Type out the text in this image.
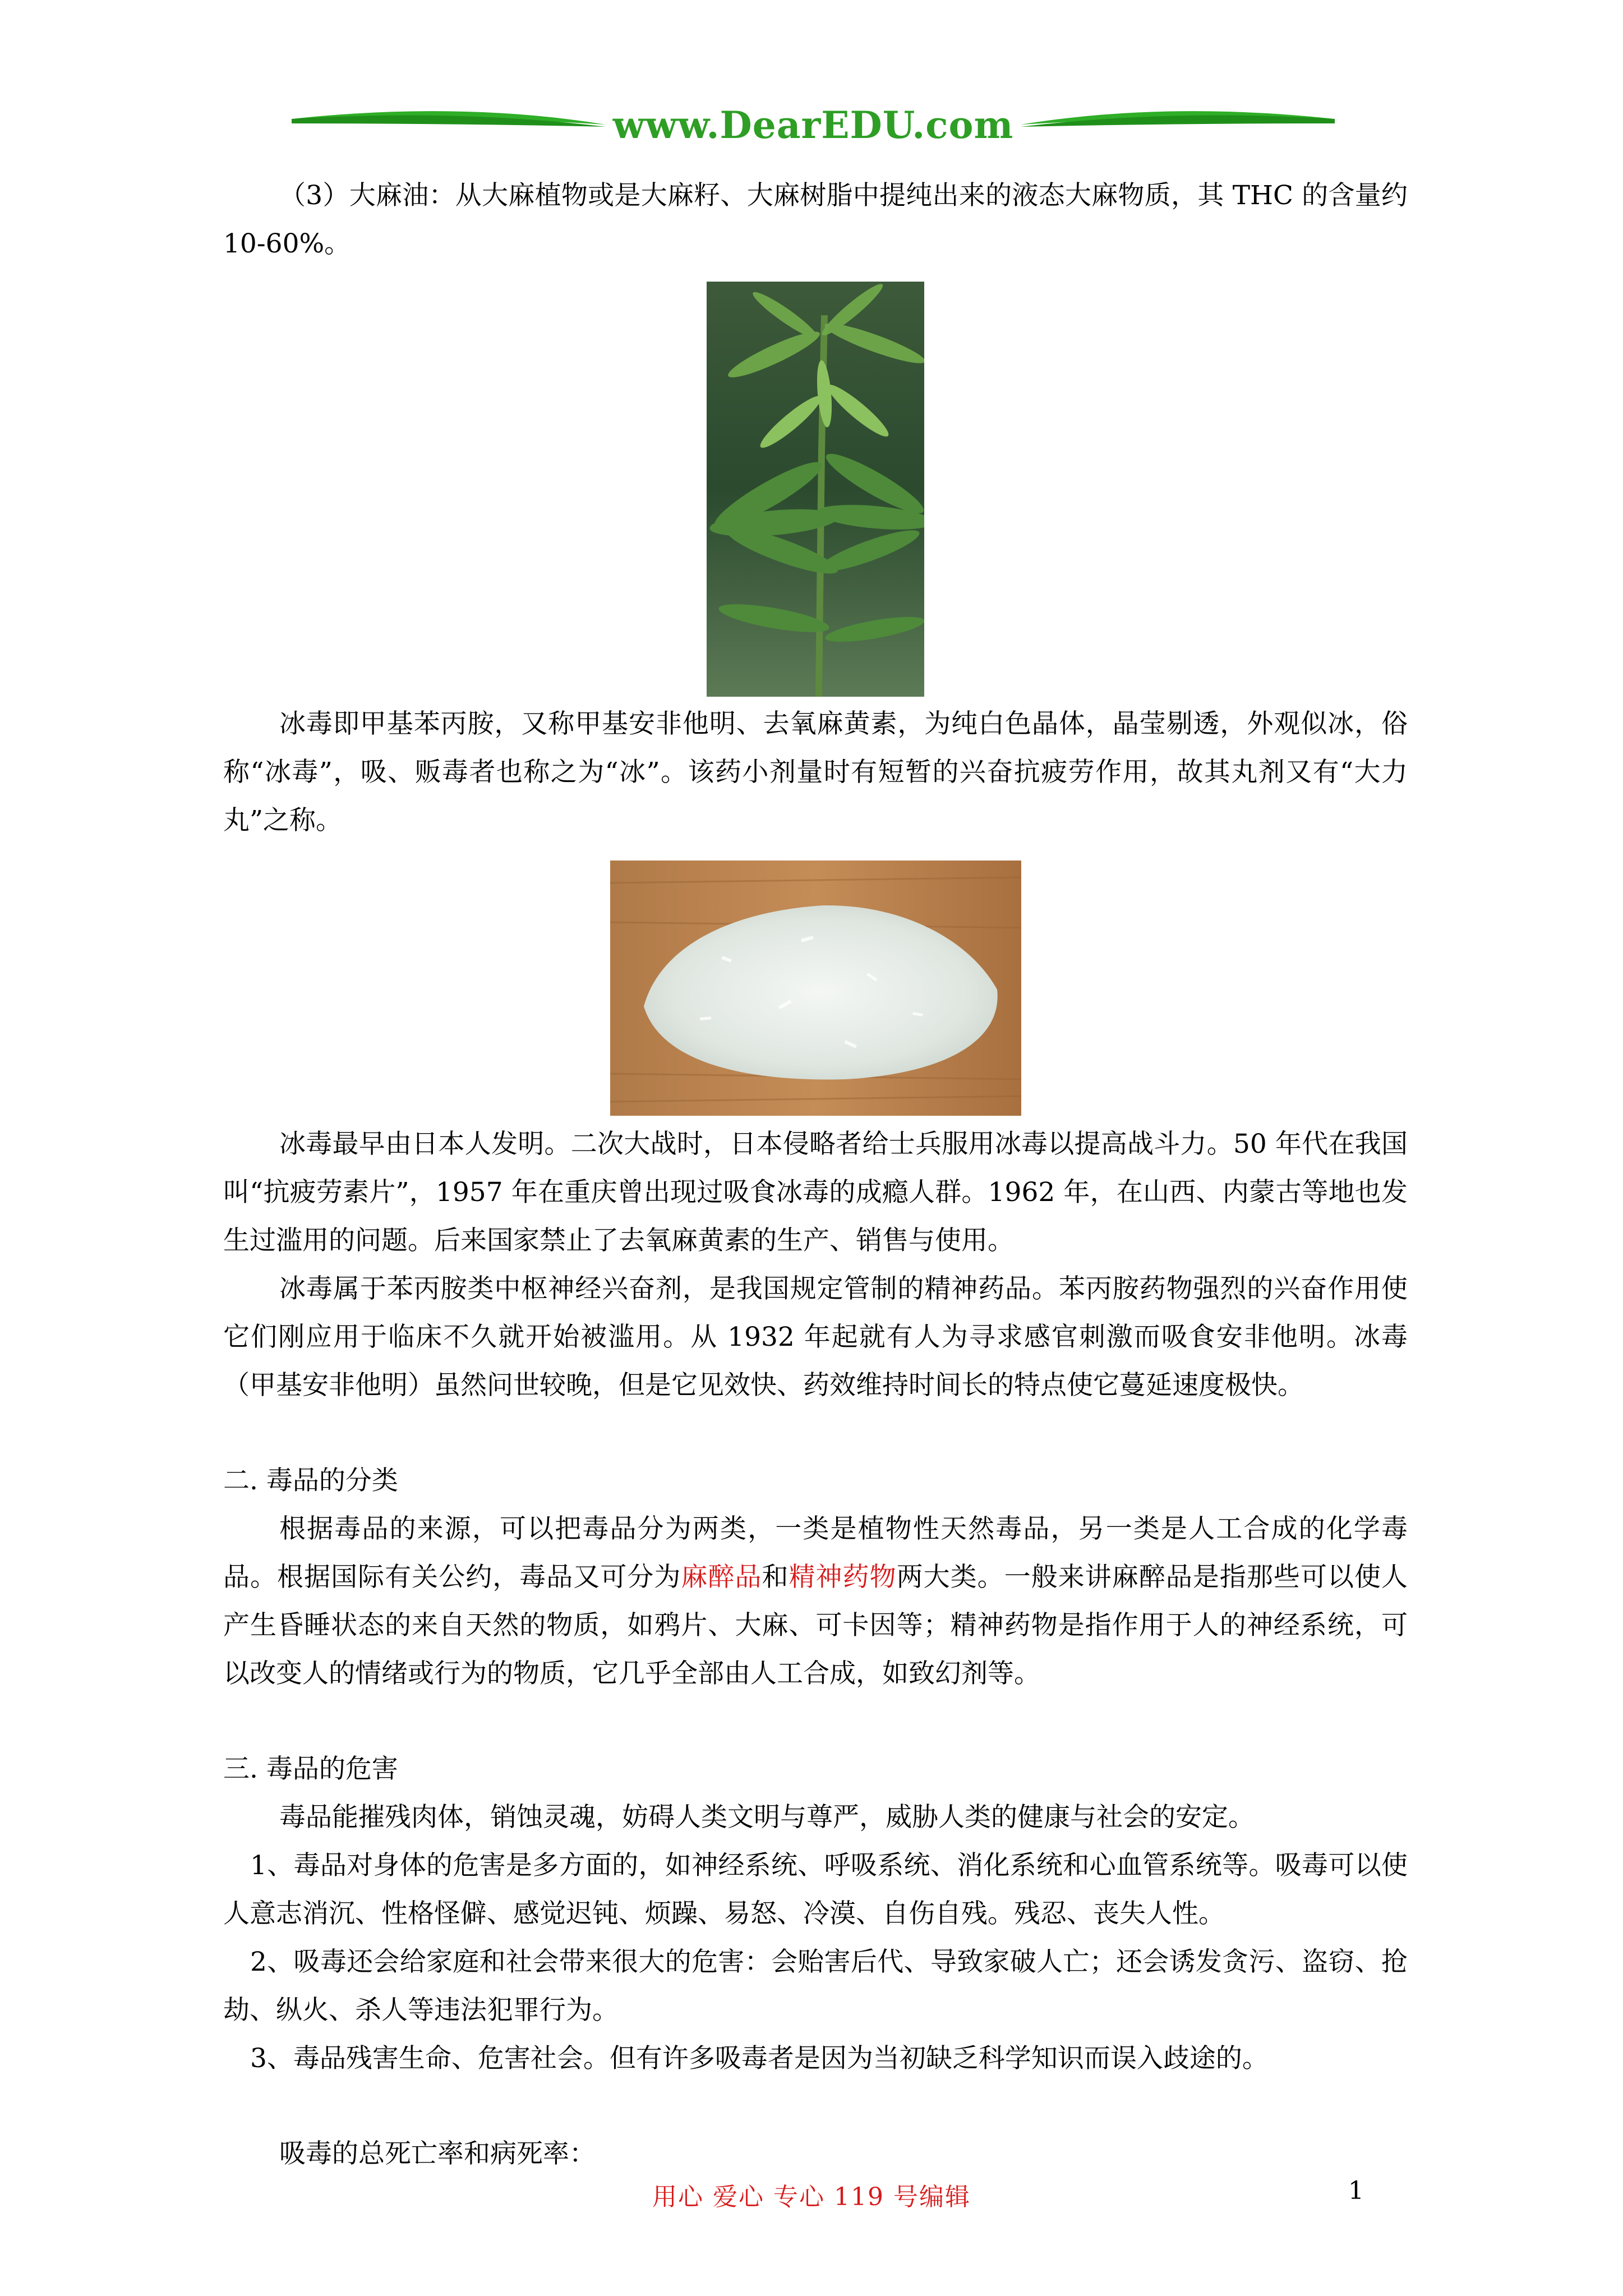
www.DearEDU.com

（3）大麻油：从大麻植物或是大麻籽、大麻树脂中提纯出来的液态大麻物质，其 THC 的含量约 10-60%。

冰毒即甲基苯丙胺，又称甲基安非他明、去氧麻黄素，为纯白色晶体，晶莹剔透，外观似冰，俗称“冰毒”，吸、贩毒者也称之为“冰”。该药小剂量时有短暂的兴奋抗疲劳作用，故其丸剂又有“大力丸”之称。

冰毒最早由日本人发明。二次大战时，日本侵略者给士兵服用冰毒以提高战斗力。50 年代在我国叫“抗疲劳素片”，1957 年在重庆曾出现过吸食冰毒的成瘾人群。1962 年，在山西、内蒙古等地也发生过滥用的问题。后来国家禁止了去氧麻黄素的生产、销售与使用。

冰毒属于苯丙胺类中枢神经兴奋剂，是我国规定管制的精神药品。苯丙胺药物强烈的兴奋作用使它们刚应用于临床不久就开始被滥用。从 1932 年起就有人为寻求感官刺激而吸食安非他明。冰毒（甲基安非他明）虽然问世较晚，但是它见效快、药效维持时间长的特点使它蔓延速度极快。

二. 毒品的分类

根据毒品的来源，可以把毒品分为两类，一类是植物性天然毒品，另一类是人工合成的化学毒品。根据国际有关公约，毒品又可分为麻醉品和精神药物两大类。一般来讲麻醉品是指那些可以使人产生昏睡状态的来自天然的物质，如鸦片、大麻、可卡因等；精神药物是指作用于人的神经系统，可以改变人的情绪或行为的物质，它几乎全部由人工合成，如致幻剂等。

三. 毒品的危害

毒品能摧残肉体，销蚀灵魂，妨碍人类文明与尊严，威胁人类的健康与社会的安定。

1、毒品对身体的危害是多方面的，如神经系统、呼吸系统、消化系统和心血管系统等。吸毒可以使人意志消沉、性格怪僻、感觉迟钝、烦躁、易怒、冷漠、自伤自残。残忍、丧失人性。

2、吸毒还会给家庭和社会带来很大的危害：会贻害后代、导致家破人亡；还会诱发贪污、盗窃、抢劫、纵火、杀人等违法犯罪行为。

3、毒品残害生命、危害社会。但有许多吸毒者是因为当初缺乏科学知识而误入歧途的。

吸毒的总死亡率和病死率：

用心 爱心 专心 119 号编辑	1
